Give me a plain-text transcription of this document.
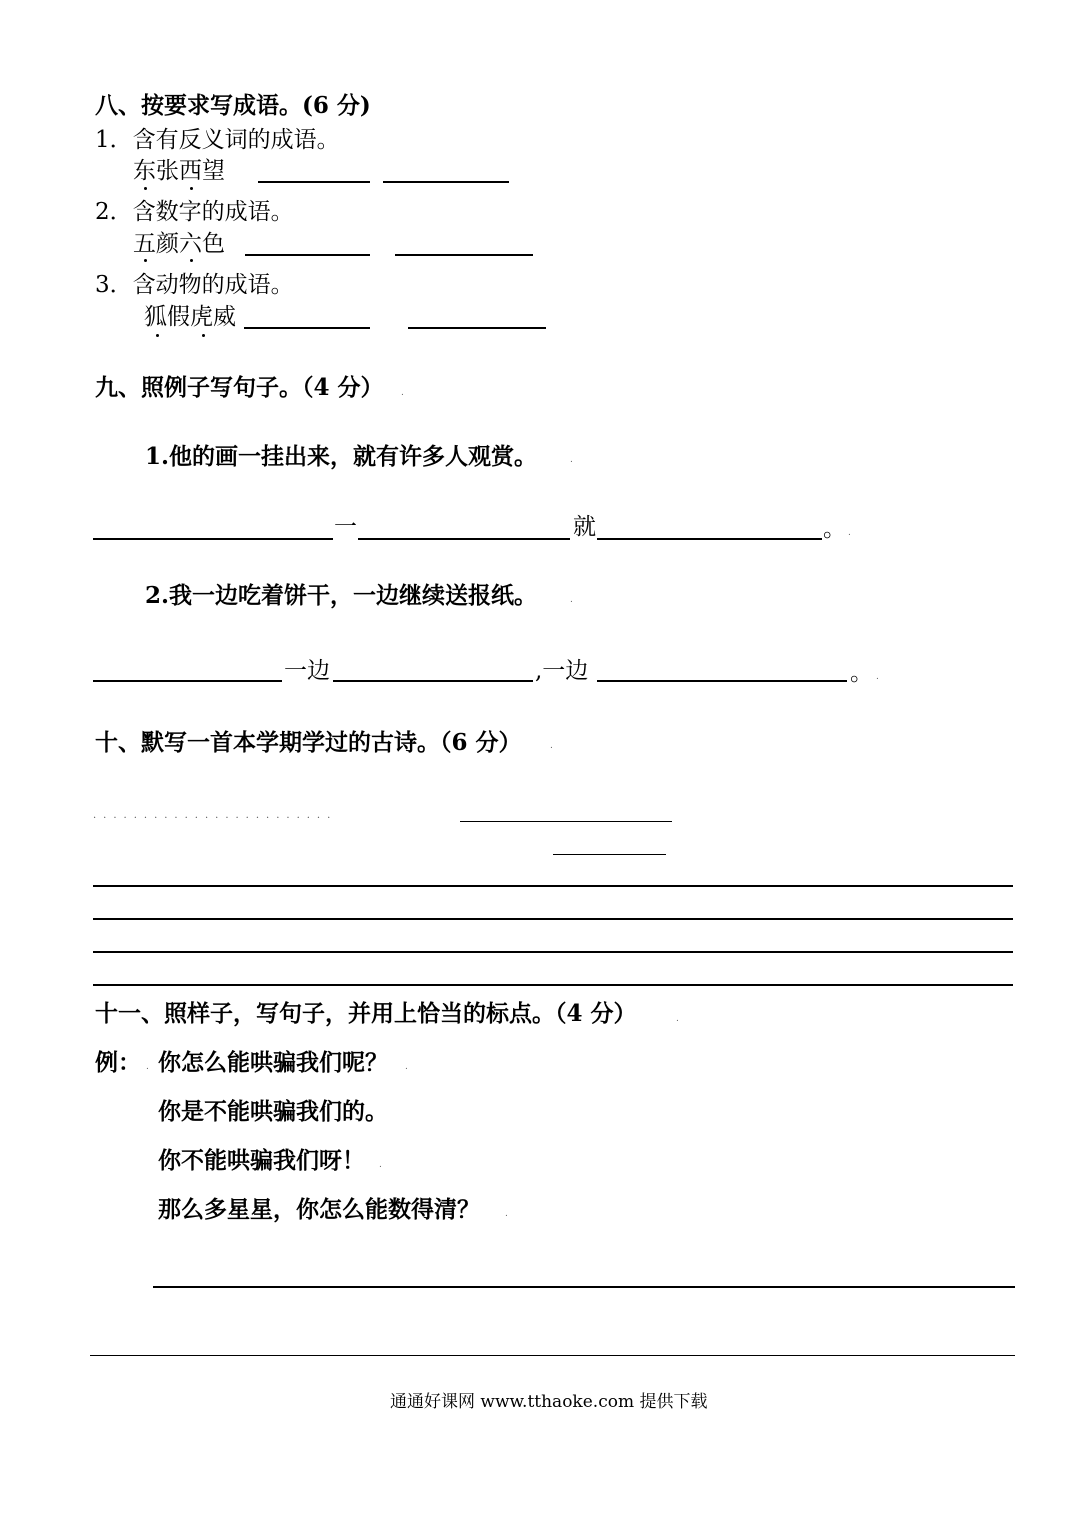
八、按要求写成语。(6 分)
1．含有反义词的成语。
东张西望
2．含数字的成语。
五颜六色
3．含动物的成语。
狐假虎威
九、照例子写句子。（4 分） .
1.他的画一挂出来，就有许多人观赏。	.
一	就	。 .
2.我一边吃着饼干，一边继续送报纸。	.
一边	,一边	。 .
十、默写一首本学期学过的古诗。（6 分）	.
........................
十一、照样子，写句子，并用上恰当的标点。（4 分）	.
例： . 你怎么能哄骗我们呢？ .
你是不能哄骗我们的。
你不能哄骗我们呀！ .
那么多星星，你怎么能数得清？	.
通通好课网 www.tthaoke.com 提供下载
